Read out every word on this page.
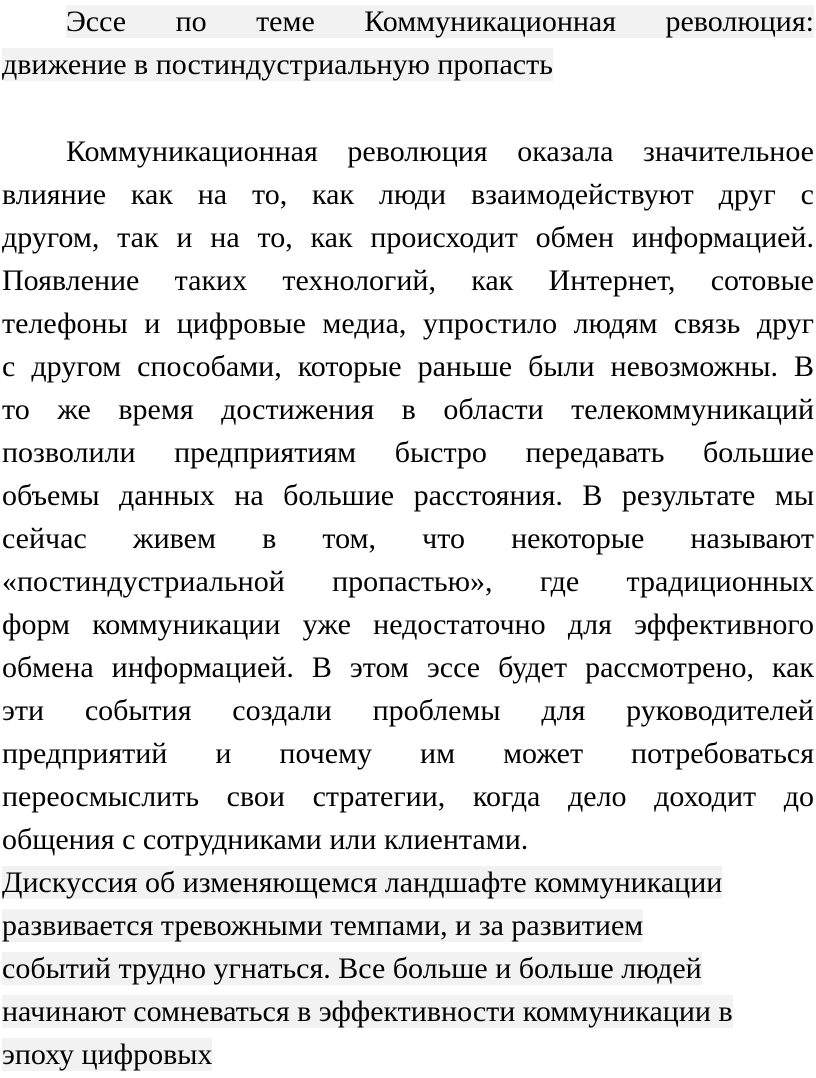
Эссе по теме Коммуникационная революция:
движение в постиндустриальную пропасть
Коммуникационная революция оказала значительное
влияние как на то, как люди взаимодействуют друг с
другом, так и на то, как происходит обмен информацией.
Появление таких технологий, как Интернет, сотовые
телефоны и цифровые медиа, упростило людям связь друг
с другом способами, которые раньше были невозможны. В
то же время достижения в области телекоммуникаций
позволили предприятиям быстро передавать большие
объемы данных на большие расстояния. В результате мы
сейчас живем в том, что некоторые называют
«постиндустриальной пропастью», где традиционных
форм коммуникации уже недостаточно для эффективного
обмена информацией. В этом эссе будет рассмотрено, как
эти события создали проблемы для руководителей
предприятий и почему им может потребоваться
переосмыслить свои стратегии, когда дело доходит до
общения с сотрудниками или клиентами.
Дискуссия об изменяющемся ландшафте коммуникации
развивается тревожными темпами, и за развитием
событий трудно угнаться. Все больше и больше людей
начинают сомневаться в эффективности коммуникации в
эпоху цифровых
